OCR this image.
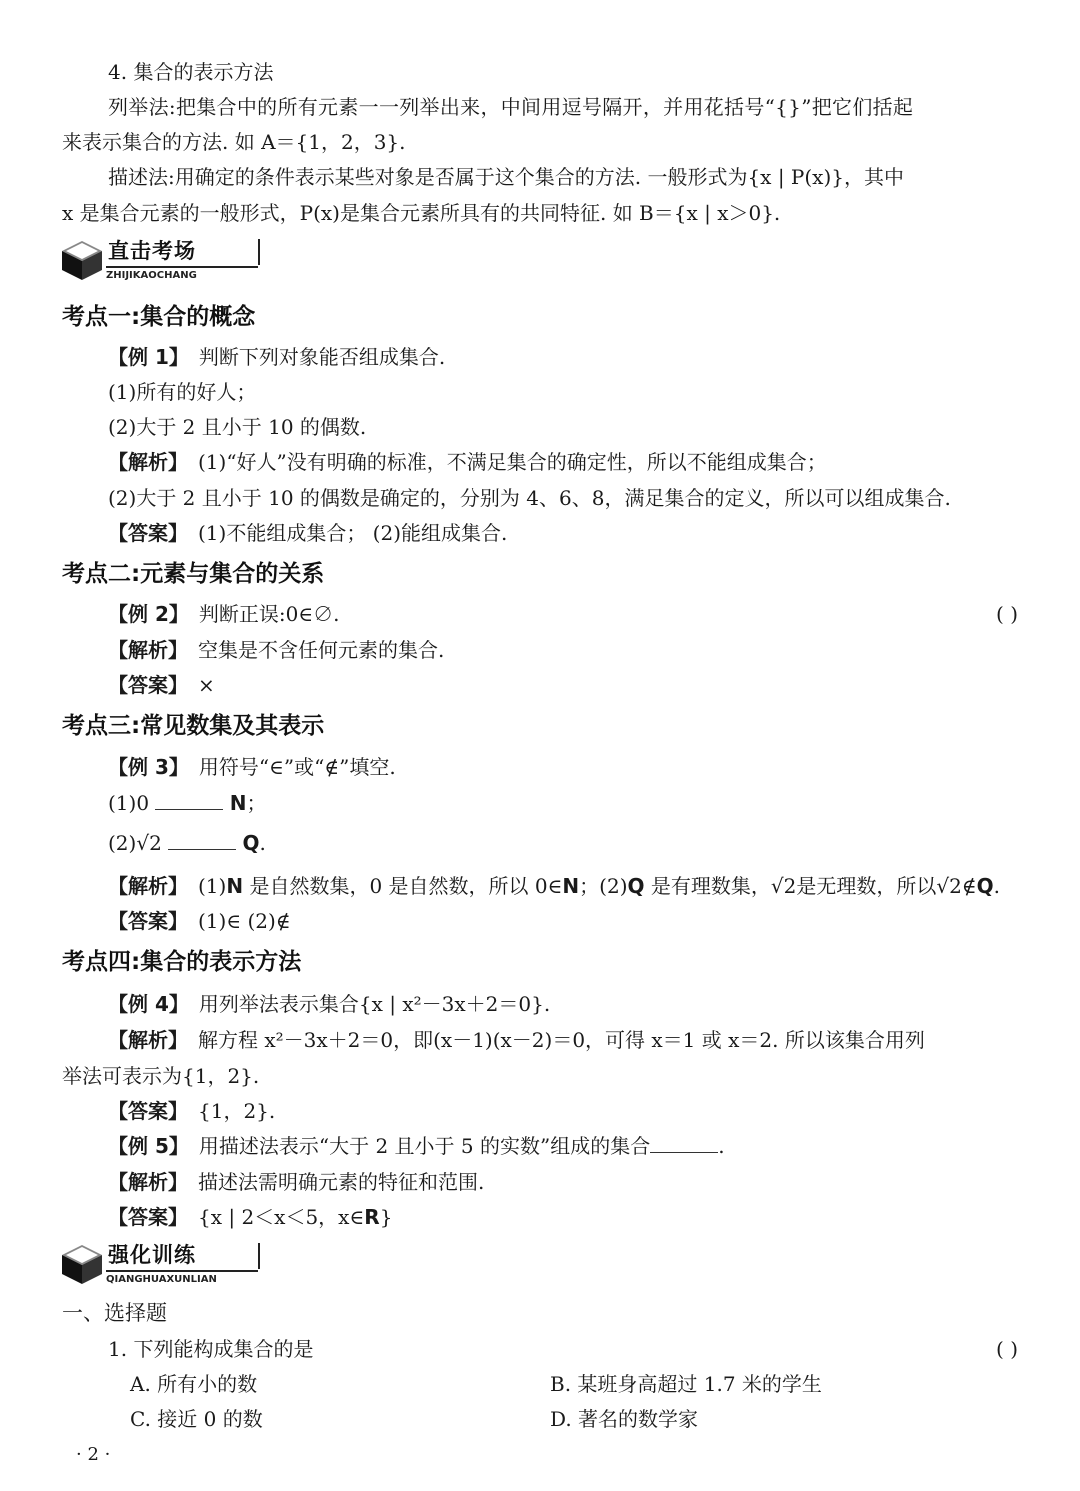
4. 集合的表示方法
列举法:把集合中的所有元素一一列举出来，中间用逗号隔开，并用花括号“{}”把它们括起
来表示集合的方法. 如 A＝{1，2，3}.
描述法:用确定的条件表示某些对象是否属于这个集合的方法. 一般形式为{x | P(x)}，其中
x 是集合元素的一般形式，P(x)是集合元素所具有的共同特征. 如 B＝{x | x＞0}.
直击考场
ZHIJIKAOCHANG
考点一:集合的概念
【例 1】 判断下列对象能否组成集合.
(1)所有的好人；
(2)大于 2 且小于 10 的偶数.
【解析】 (1)“好人”没有明确的标准，不满足集合的确定性，所以不能组成集合；
(2)大于 2 且小于 10 的偶数是确定的，分别为 4、6、8，满足集合的定义，所以可以组成集合.
【答案】 (1)不能组成集合； (2)能组成集合.
考点二:元素与集合的关系
【例 2】 判断正误:0∈∅.	( )
【解析】 空集是不含任何元素的集合.
【答案】 ×
考点三:常见数集及其表示
【例 3】 用符号“∈”或“∉”填空.
(1)0	N；
(2)√2	Q.
【解析】 (1)N 是自然数集，0 是自然数，所以 0∈N；(2)Q 是有理数集，√2是无理数，所以√2∉Q.
【答案】 (1)∈ (2)∉
考点四:集合的表示方法
【例 4】 用列举法表示集合{x | x²－3x＋2＝0}.
【解析】 解方程 x²－3x＋2＝0，即(x－1)(x－2)＝0，可得 x＝1 或 x＝2. 所以该集合用列
举法可表示为{1，2}.
【答案】 {1，2}.
【例 5】 用描述法表示“大于 2 且小于 5 的实数”组成的集合	.
【解析】 描述法需明确元素的特征和范围.
【答案】 {x | 2＜x＜5，x∈R}
强化训练
QIANGHUAXUNLIAN
一、选择题
1. 下列能构成集合的是	( )
A. 所有小的数	B. 某班身高超过 1.7 米的学生
C. 接近 0 的数	D. 著名的数学家
· 2 ·
